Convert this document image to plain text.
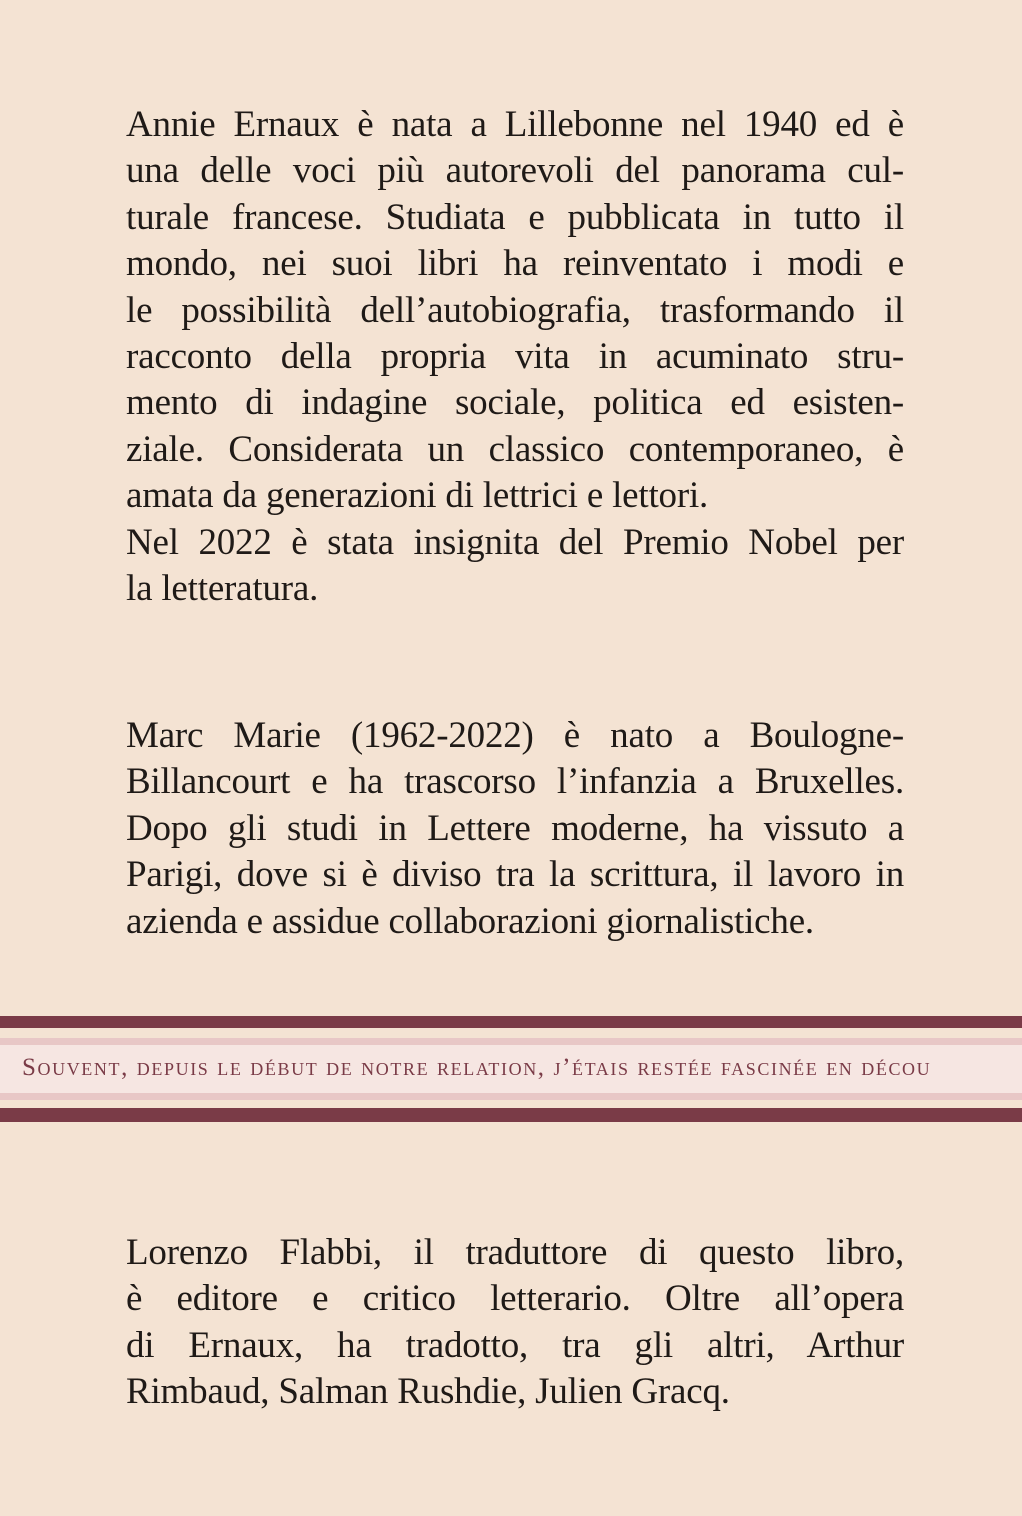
Annie Ernaux è nata a Lillebonne nel 1940 ed è
una delle voci più autorevoli del panorama cul-
turale francese. Studiata e pubblicata in tutto il
mondo, nei suoi libri ha reinventato i modi e
le possibilità dell’autobiografia, trasformando il
racconto della propria vita in acuminato stru-
mento di indagine sociale, politica ed esisten-
ziale. Considerata un classico contemporaneo, è
amata da generazioni di lettrici e lettori.
Nel 2022 è stata insignita del Premio Nobel per
la letteratura.
Marc Marie (1962-2022) è nato a Boulogne-
Billancourt e ha trascorso l’infanzia a Bruxelles.
Dopo gli studi in Lettere moderne, ha vissuto a
Parigi, dove si è diviso tra la scrittura, il lavoro in
azienda e assidue collaborazioni giornalistiche.
Souvent, depuis le début de notre relation, j’étais restée fascinée en décou
Lorenzo Flabbi, il traduttore di questo libro,
è editore e critico letterario. Oltre all’opera
di Ernaux, ha tradotto, tra gli altri, Arthur
Rimbaud, Salman Rushdie, Julien Gracq.
